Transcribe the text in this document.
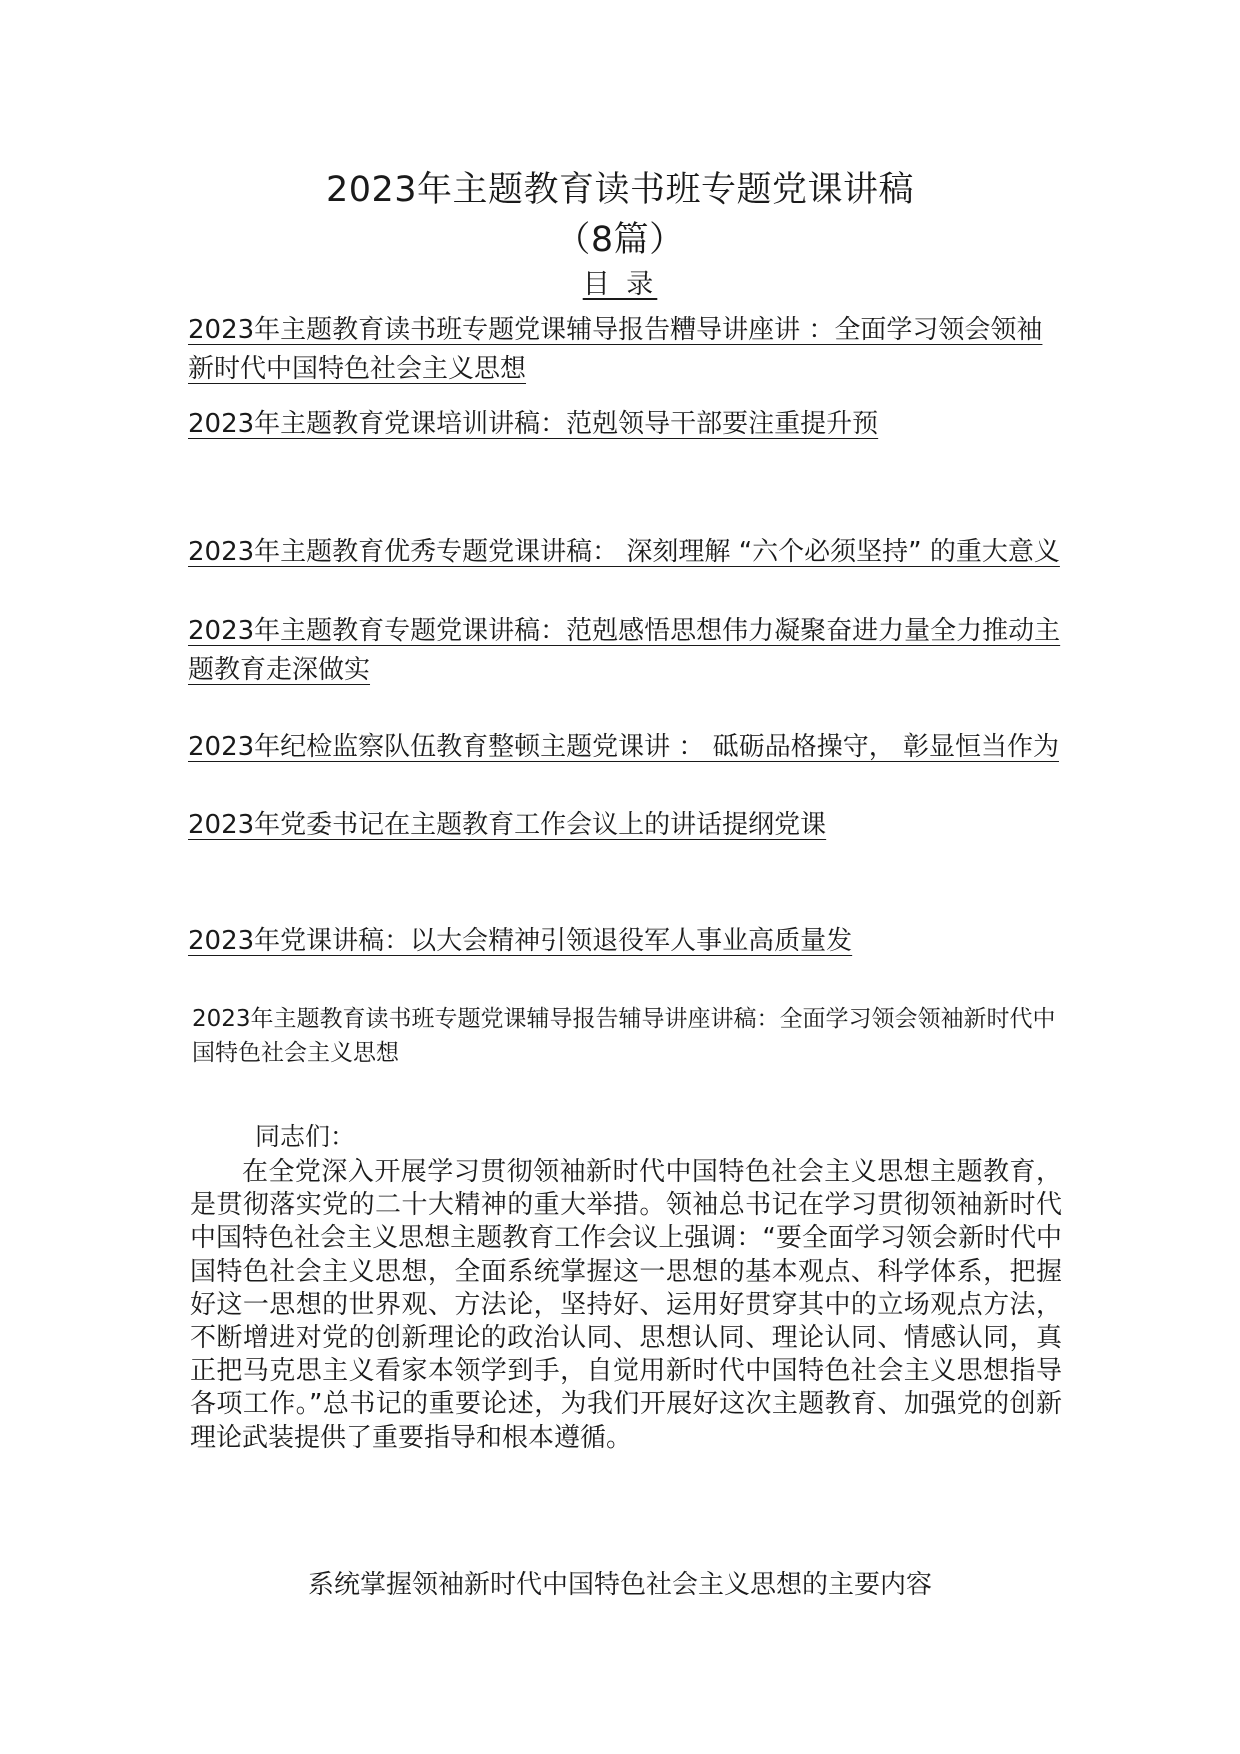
2023年主题教育读书班专题党课讲稿
（8篇）
目 录
2023年主题教育读书班专题党课辅导报告糟导讲座讲 ：全面学习领会领袖新时代中国特色社会主义思想
2023年主题教育党课培训讲稿：范剋领导干部要注重提升预
2023年主题教育优秀专题党课讲稿： 深刻理解 “六个必须坚持” 的重大意义
2023年主题教育专题党课讲稿：范剋感悟思想伟力凝聚奋进力量全力推动主题教育走深做实
2023年纪检监察队伍教育整顿主题党课讲 ： 砥砺品格操守， 彰显恒当作为
2023年党委书记在主题教育工作会议上的讲话提纲党课
2023年党课讲稿：以大会精神引领退役军人事业高质量发
2023年主题教育读书班专题党课辅导报告辅导讲座讲稿：全面学习领会领袖新时代中国特色社会主义思想
同志们：
在全党深入开展学习贯彻领袖新时代中国特色社会主义思想主题教育，是贯彻落实党的二十大精神的重大举措。领袖总书记在学习贯彻领袖新时代中国特色社会主义思想主题教育工作会议上强调：“要全面学习领会新时代中国特色社会主义思想，全面系统掌握这一思想的基本观点、科学体系，把握好这一思想的世界观、方法论，坚持好、运用好贯穿其中的立场观点方法，不断增进对党的创新理论的政治认同、思想认同、理论认同、情感认同，真正把马克思主义看家本领学到手，自觉用新时代中国特色社会主义思想指导各项工作。”总书记的重要论述，为我们开展好这次主题教育、加强党的创新理论武装提供了重要指导和根本遵循。
系统掌握领袖新时代中国特色社会主义思想的主要内容
